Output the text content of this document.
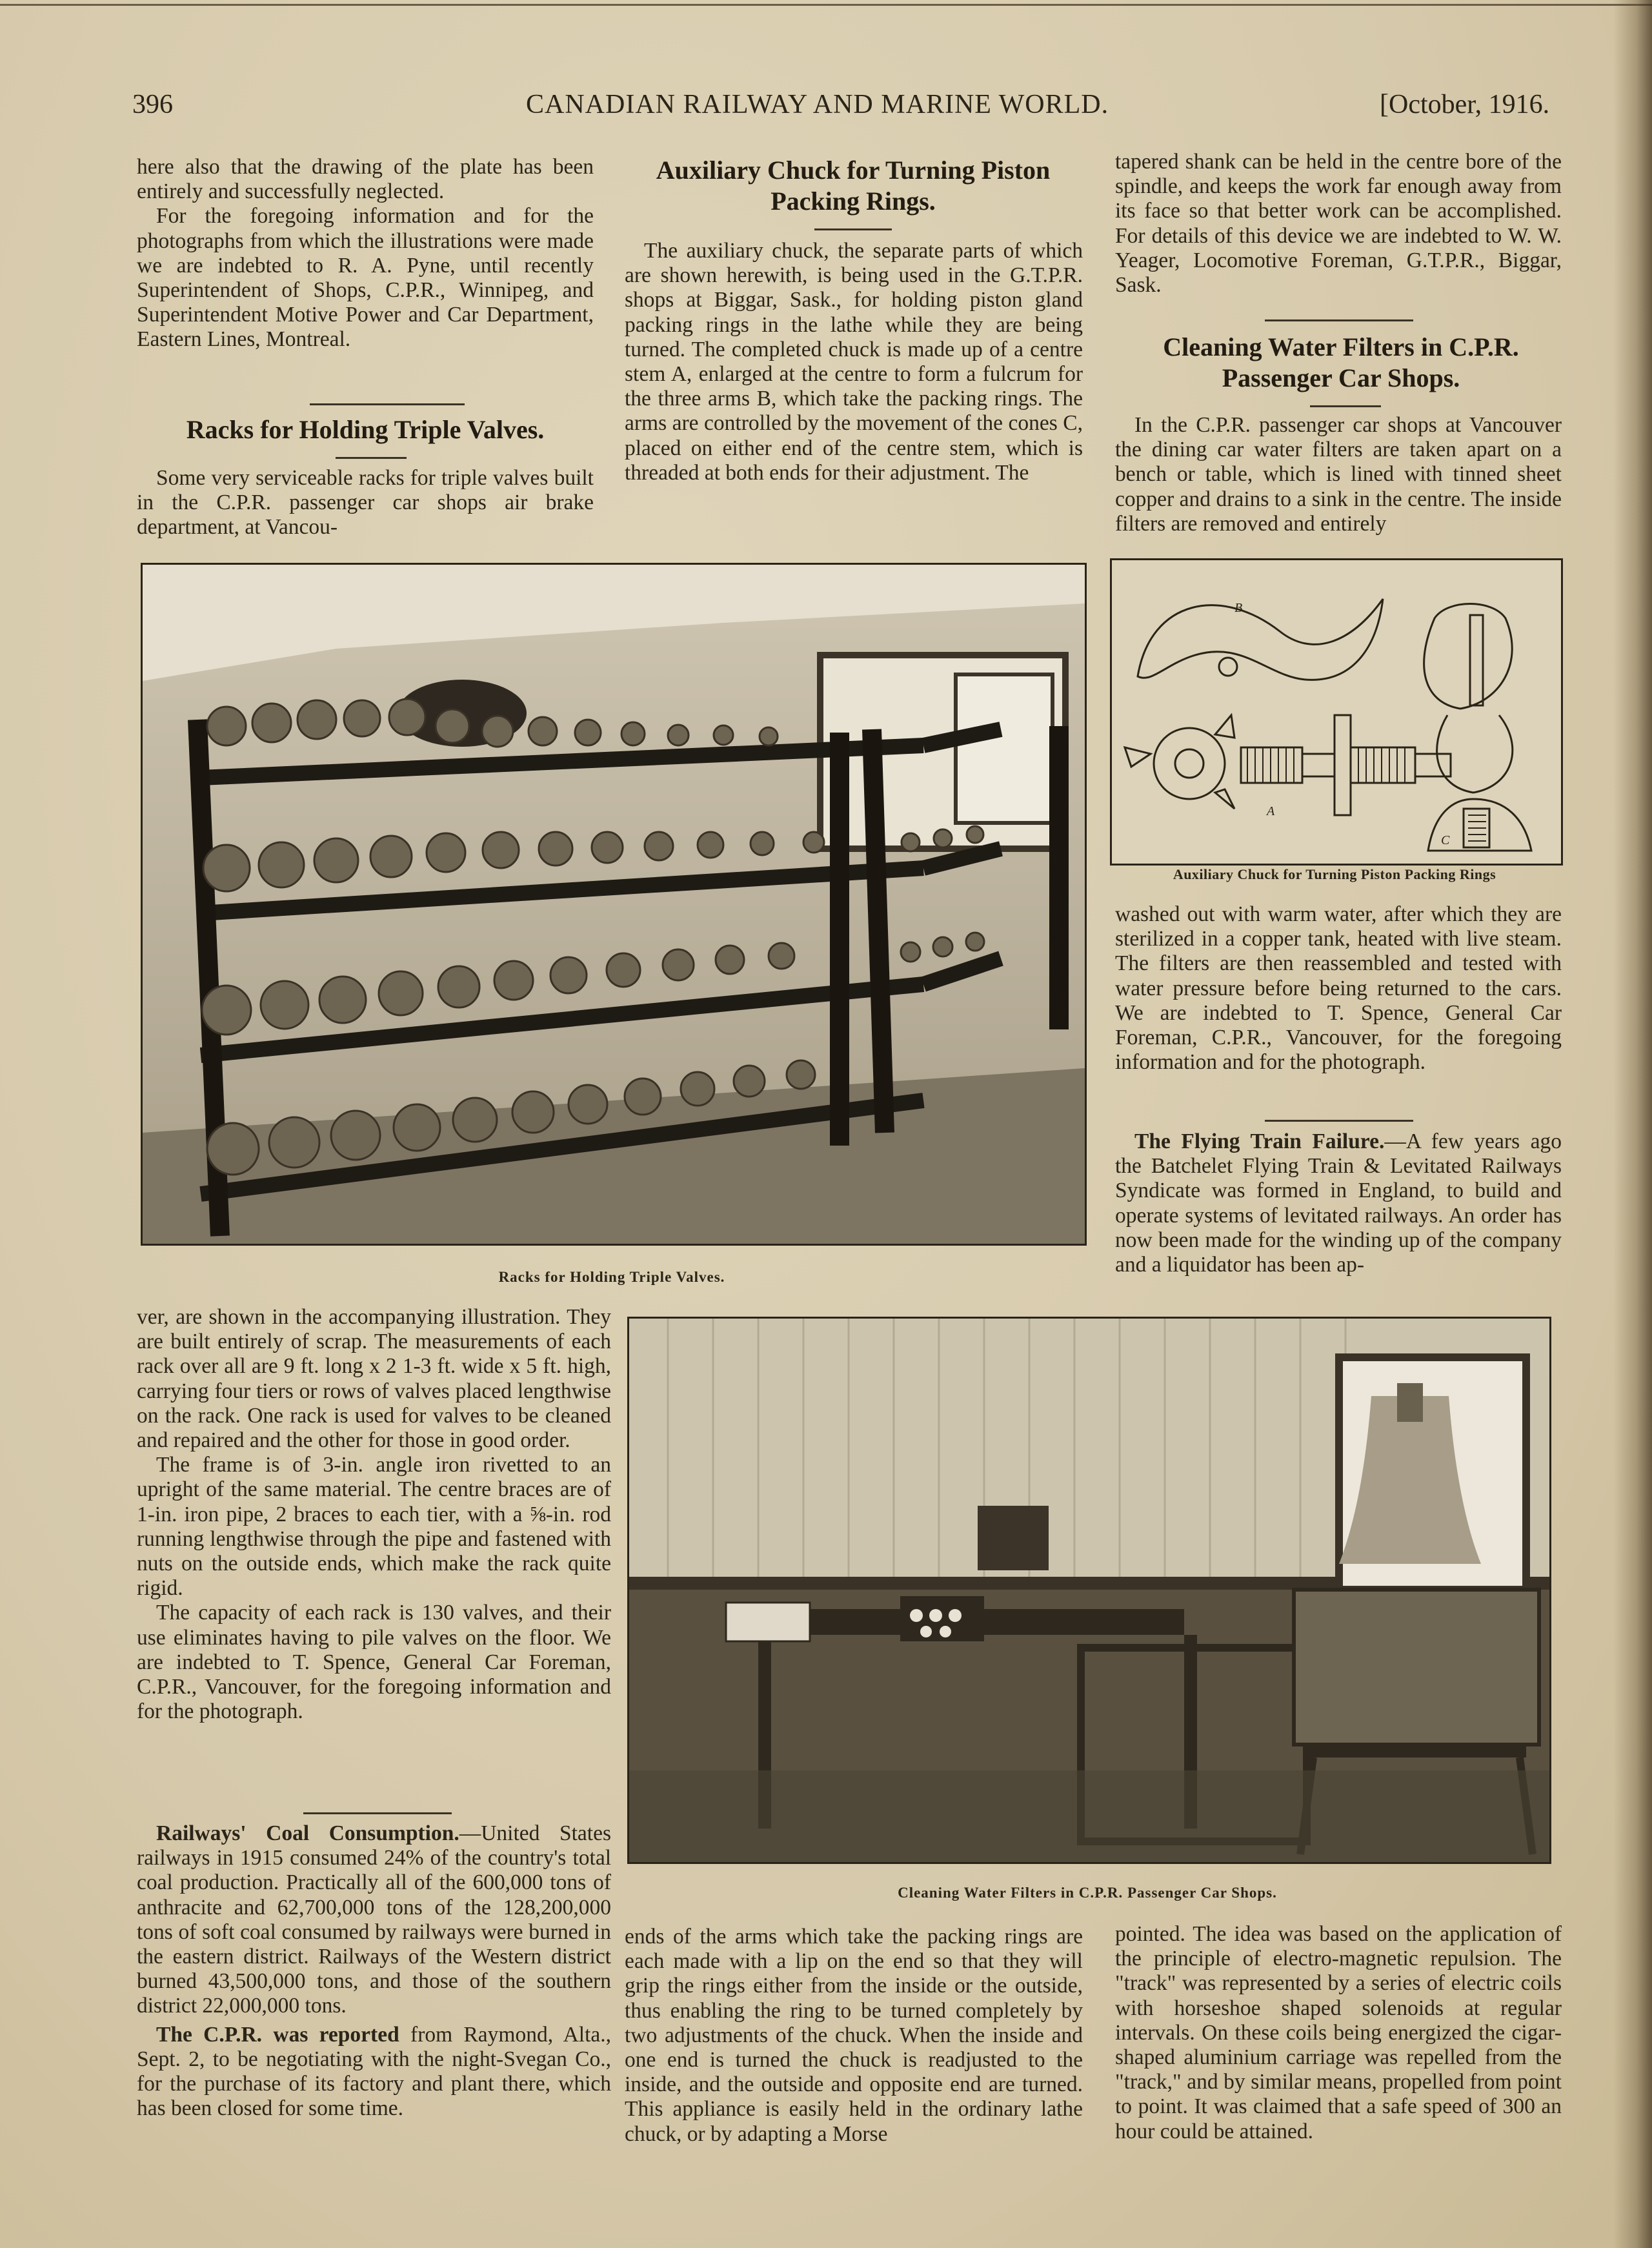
396	CANADIAN RAILWAY AND MARINE WORLD.	[October, 1916.

here also that the drawing of the plate has been entirely and successfully neglected.

For the foregoing information and for the photographs from which the illustrations were made we are indebted to R. A. Pyne, until recently Superintendent of Shops, C.P.R., Winnipeg, and Superintendent Motive Power and Car Department, Eastern Lines, Montreal.

Racks for Holding Triple Valves.

Some very serviceable racks for triple valves built in the C.P.R. passenger car shops air brake department, at Vancou-

Auxiliary Chuck for Turning Piston Packing Rings.

The auxiliary chuck, the separate parts of which are shown herewith, is being used in the G.T.P.R. shops at Biggar, Sask., for holding piston gland packing rings in the lathe while they are being turned. The completed chuck is made up of a centre stem A, enlarged at the centre to form a fulcrum for the three arms B, which take the packing rings. The arms are controlled by the movement of the cones C, placed on either end of the centre stem, which is threaded at both ends for their adjustment. The

tapered shank can be held in the centre bore of the spindle, and keeps the work far enough away from its face so that better work can be accomplished. For details of this device we are indebted to W. W. Yeager, Locomotive Foreman, G.T.P.R., Biggar, Sask.

Cleaning Water Filters in C.P.R. Passenger Car Shops.

In the C.P.R. passenger car shops at Vancouver the dining car water filters are taken apart on a bench or table, which is lined with tinned sheet copper and drains to a sink in the centre. The inside filters are removed and entirely

Racks for Holding Triple Valves.
B
A
C
Auxiliary Chuck for Turning Piston Packing Rings

washed out with warm water, after which they are sterilized in a copper tank, heated with live steam. The filters are then reassembled and tested with water pressure before being returned to the cars. We are indebted to T. Spence, General Car Foreman, C.P.R., Vancouver, for the foregoing information and for the photograph.

The Flying Train Failure.—A few years ago the Batchelet Flying Train & Levitated Railways Syndicate was formed in England, to build and operate systems of levitated railways. An order has now been made for the winding up of the company and a liquidator has been ap-

ver, are shown in the accompanying illustration. They are built entirely of scrap. The measurements of each rack over all are 9 ft. long x 2 1-3 ft. wide x 5 ft. high, carrying four tiers or rows of valves placed lengthwise on the rack. One rack is used for valves to be cleaned and repaired and the other for those in good order.

The frame is of 3-in. angle iron rivetted to an upright of the same material. The centre braces are of 1-in. iron pipe, 2 braces to each tier, with a ⅝-in. rod running lengthwise through the pipe and fastened with nuts on the outside ends, which make the rack quite rigid.

The capacity of each rack is 130 valves, and their use eliminates having to pile valves on the floor. We are indebted to T. Spence, General Car Foreman, C.P.R., Vancouver, for the foregoing information and for the photograph.

Railways' Coal Consumption.—United States railways in 1915 consumed 24% of the country's total coal production. Practically all of the 600,000 tons of anthracite and 62,700,000 tons of the 128,200,000 tons of soft coal consumed by railways were burned in the eastern district. Railways of the Western district burned 43,500,000 tons, and those of the southern district 22,000,000 tons.

The C.P.R. was reported from Raymond, Alta., Sept. 2, to be negotiating with the night-Svegan Co., for the purchase of its factory and plant there, which has been closed for some time.

Cleaning Water Filters in C.P.R. Passenger Car Shops.

ends of the arms which take the packing rings are each made with a lip on the end so that they will grip the rings either from the inside or the outside, thus enabling the ring to be turned completely by two adjustments of the chuck. When the inside and one end is turned the chuck is readjusted to the inside, and the outside and opposite end are turned. This appliance is easily held in the ordinary lathe chuck, or by adapting a Morse

pointed. The idea was based on the application of the principle of electro-magnetic repulsion. The "track" was represented by a series of electric coils with horseshoe shaped solenoids at regular intervals. On these coils being energized the cigar-shaped aluminium carriage was repelled from the "track," and by similar means, propelled from point to point. It was claimed that a safe speed of 300 an hour could be attained.
